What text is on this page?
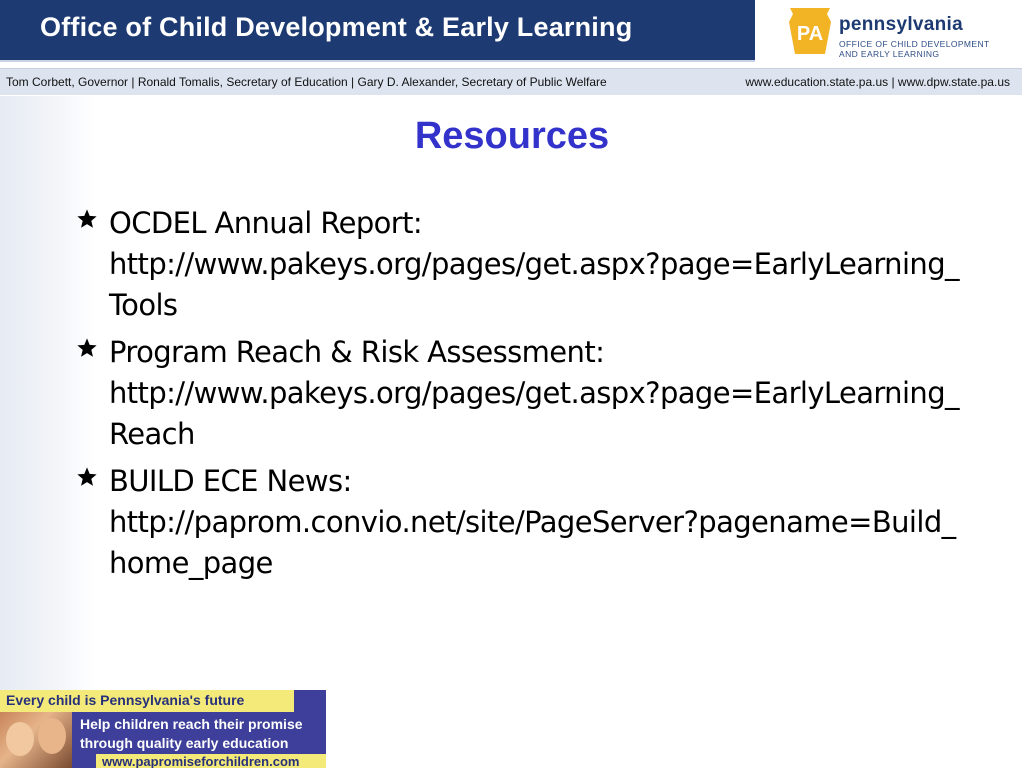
Office of Child Development & Early Learning	PA pennsylvania
OFFICE OF CHILD DEVELOPMENT
AND EARLY LEARNING
Tom Corbett, Governor | Ronald Tomalis, Secretary of Education | Gary D. Alexander, Secretary of Public Welfare	www.education.state.pa.us | www.dpw.state.pa.us
Resources
OCDEL Annual Report:
http://www.pakeys.org/pages/get.aspx?page=EarlyLearning_
Tools
Program Reach & Risk Assessment:
http://www.pakeys.org/pages/get.aspx?page=EarlyLearning_
Reach
BUILD ECE News:
http://paprom.convio.net/site/PageServer?pagename=Build_
home_page
Every child is Pennsylvania's future
Help children reach their promise
through quality early education
www.papromiseforchildren.com
